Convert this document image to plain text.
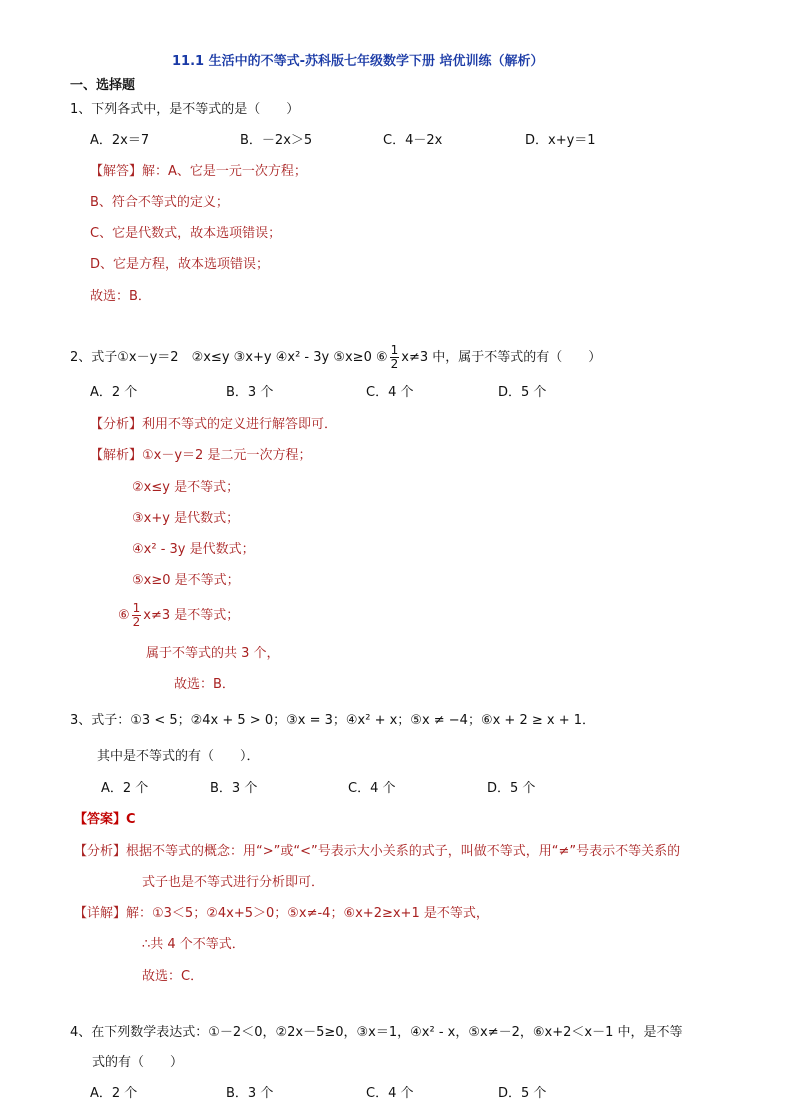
11.1 生活中的不等式-苏科版七年级数学下册 培优训练（解析）
一、选择题
1、下列各式中，是不等式的是（　　）
A．2x＝7	B．－2x＞5	C．4－2x	D．x+y＝1
【解答】解：A、它是一元一次方程；
B、符合不等式的定义；
C、它是代数式，故本选项错误；
D、它是方程，故本选项错误；
故选：B．
2、式子①x－y＝2　②x≤y ③x+y ④x² - 3y ⑤x≥0 ⑥ $\frac{1}{2} x\ne 3$ 中，属于不等式的有（　　）
A．2 个	B．3 个	C．4 个	D．5 个
【分析】利用不等式的定义进行解答即可．
【解析】①x－y＝2 是二元一次方程；
②x≤y 是不等式；
③x+y 是代数式；
④x² - 3y 是代数式；
⑤x≥0 是不等式；
⑥ $\frac{1}{2} x\ne 3$ 是不等式；
属于不等式的共 3 个，
故选：B．
3、式子：①3 < 5；②4x + 5 > 0；③x = 3；④x² + x；⑤x ≠ −4；⑥x + 2 ≥ x + 1．
其中是不等式的有（　　）．
A．2 个	B．3 个	C．4 个	D．5 个
【答案】C
【分析】根据不等式的概念：用“>”或“<”号表示大小关系的式子，叫做不等式，用“≠”号表示不等关系的
式子也是不等式进行分析即可．
【详解】解：①3＜5；②4x+5＞0；⑤x≠-4；⑥x+2≥x+1 是不等式，
∴共 4 个不等式．
故选：C．
4、在下列数学表达式：①－2＜0，②2x－5≥0，③x＝1，④x² - x，⑤x≠－2，⑥x+2＜x－1 中，是不等
式的有（　　）
A．2 个	B．3 个	C．4 个	D．5 个
